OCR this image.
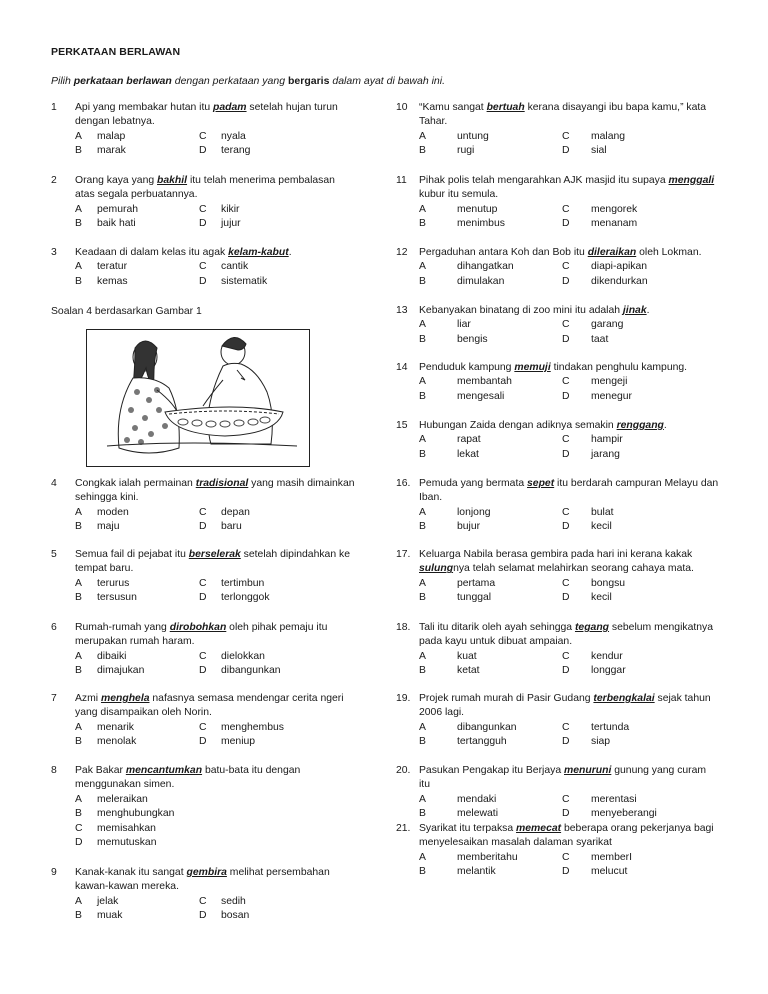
PERKATAAN BERLAWAN
Pilih perkataan berlawan dengan perkataan yang bergaris dalam ayat di bawah ini.
Soalan 4 berdasarkan Gambar 1
1 Api yang membakar hutan itu padam setelah hujan turun dengan lebatnya.
A malap	C nyala
B marak	D terang
2 Orang kaya yang bakhil itu telah menerima pembalasan atas segala perbuatannya.
A pemurah	C kikir
B baik hati	D jujur
3 Keadaan di dalam kelas itu agak kelam-kabut.
A teratur	C cantik
B kemas	D sistematik
4 Congkak ialah permainan tradisional yang masih dimainkan sehingga kini.
A moden	C depan
B maju	D baru
5 Semua fail di pejabat itu berselerak setelah dipindahkan ke tempat baru.
A terurus	C tertimbun
B tersusun	D terlonggok
6 Rumah-rumah yang dirobohkan oleh pihak pemaju itu merupakan rumah haram.
A dibaiki	C dielokkan
B dimajukan	D dibangunkan
7 Azmi menghela nafasnya semasa mendengar cerita ngeri yang disampaikan oleh Norin.
A menarik	C menghembus
B menolak	D meniup
8 Pak Bakar mencantumkan batu-bata itu dengan menggunakan simen.
A meleraikan
B menghubungkan
C memisahkan
D memutuskan
9 Kanak-kanak itu sangat gembira melihat persembahan kawan-kawan mereka.
A jelak	C sedih
B muak	D bosan
10 “Kamu sangat bertuah kerana disayangi ibu bapa kamu,” kata Tahar.
A	untung	C malang
B	rugi	D sial
11 Pihak polis telah mengarahkan AJK masjid itu supaya menggali kubur itu semula.
A	menutup	C mengorek
B	menimbus	D menanam
12 Pergaduhan antara Koh dan Bob itu dileraikan oleh Lokman.
A	dihangatkan	C diapi-apikan
B	dimulakan	D dikendurkan
13 Kebanyakan binatang di zoo mini itu adalah jinak.
A	liar	C garang
B	bengis	D taat
14 Penduduk kampung memuji tindakan penghulu kampung.
A	membantah	C mengeji
B	mengesali	D menegur
15 Hubungan Zaida dengan adiknya semakin renggang.
A	rapat	C hampir
B	lekat	D jarang
16. Pemuda yang bermata sepet itu berdarah campuran Melayu dan Iban.
A	lonjong	C bulat
B	bujur	D kecil
17. Keluarga Nabila berasa gembira pada hari ini kerana kakak sulungnya telah selamat melahirkan seorang cahaya mata.
A	pertama	C bongsu
B	tunggal	D kecil
18. Tali itu ditarik oleh ayah sehingga tegang sebelum mengikatnya pada kayu untuk dibuat ampaian.
A	kuat	C kendur
B	ketat	D longgar
19. Projek rumah murah di Pasir Gudang terbengkalai sejak tahun 2006 lagi.
A	dibangunkan	C tertunda
B	tertangguh	D siap
20. Pasukan Pengakap itu Berjaya menuruni gunung yang curam itu
A	mendaki	C merentasi
B	melewati	D menyeberangi
21. Syarikat itu terpaksa memecat beberapa orang pekerjanya bagi menyelesaikan masalah dalaman syarikat
A	memberitahu	C memberI
B	melantik	D melucut
